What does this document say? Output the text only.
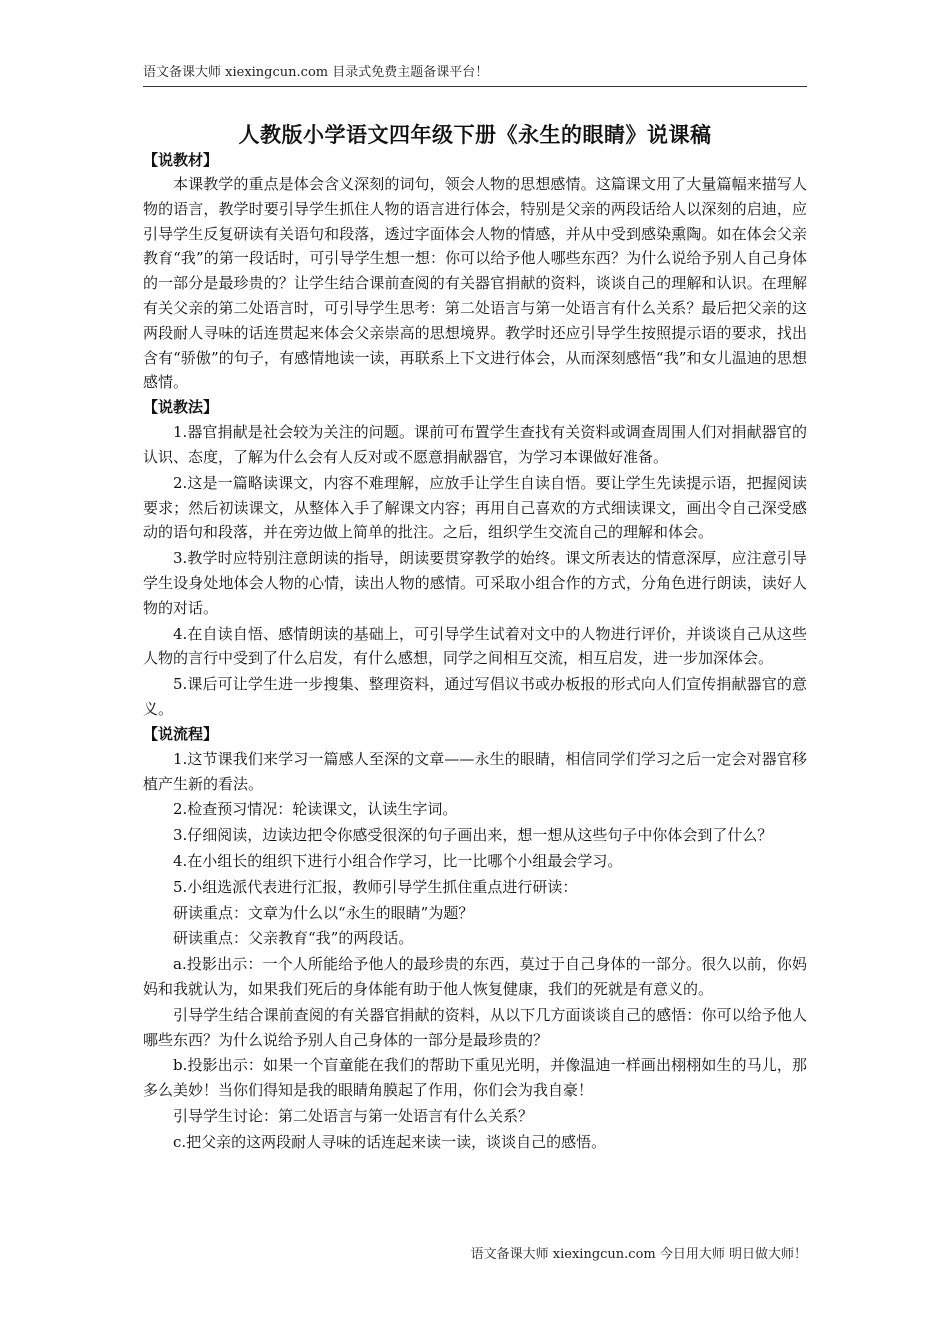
语文备课大师 xiexingcun.com 目录式免费主题备课平台！
人教版小学语文四年级下册《永生的眼睛》说课稿

【说教材】

本课教学的重点是体会含义深刻的词句，领会人物的思想感情。这篇课文用了大量篇幅来描写人物的语言，教学时要引导学生抓住人物的语言进行体会，特别是父亲的两段话给人以深刻的启迪，应引导学生反复研读有关语句和段落，透过字面体会人物的情感，并从中受到感染熏陶。如在体会父亲教育“我”的第一段话时，可引导学生想一想：你可以给予他人哪些东西？为什么说给予别人自己身体的一部分是最珍贵的？让学生结合课前查阅的有关器官捐献的资料，谈谈自己的理解和认识。在理解有关父亲的第二处语言时，可引导学生思考：第二处语言与第一处语言有什么关系？最后把父亲的这两段耐人寻味的话连贯起来体会父亲崇高的思想境界。教学时还应引导学生按照提示语的要求，找出含有“骄傲”的句子，有感情地读一读，再联系上下文进行体会，从而深刻感悟“我”和女儿温迪的思想感情。

【说教法】

1.器官捐献是社会较为关注的问题。课前可布置学生查找有关资料或调查周围人们对捐献器官的认识、态度，了解为什么会有人反对或不愿意捐献器官，为学习本课做好准备。

2.这是一篇略读课文，内容不难理解，应放手让学生自读自悟。要让学生先读提示语，把握阅读要求；然后初读课文，从整体入手了解课文内容；再用自己喜欢的方式细读课文，画出令自己深受感动的语句和段落，并在旁边做上简单的批注。之后，组织学生交流自己的理解和体会。

3.教学时应特别注意朗读的指导，朗读要贯穿教学的始终。课文所表达的情意深厚，应注意引导学生设身处地体会人物的心情，读出人物的感情。可采取小组合作的方式，分角色进行朗读，读好人物的对话。

4.在自读自悟、感情朗读的基础上，可引导学生试着对文中的人物进行评价，并谈谈自己从这些人物的言行中受到了什么启发，有什么感想，同学之间相互交流，相互启发，进一步加深体会。

5.课后可让学生进一步搜集、整理资料，通过写倡议书或办板报的形式向人们宣传捐献器官的意义。

【说流程】

1.这节课我们来学习一篇感人至深的文章——永生的眼睛，相信同学们学习之后一定会对器官移植产生新的看法。

2.检查预习情况：轮读课文，认读生字词。

3.仔细阅读，边读边把令你感受很深的句子画出来，想一想从这些句子中你体会到了什么？

4.在小组长的组织下进行小组合作学习，比一比哪个小组最会学习。

5.小组选派代表进行汇报，教师引导学生抓住重点进行研读：

研读重点：文章为什么以“永生的眼睛”为题？

研读重点：父亲教育“我”的两段话。

a.投影出示：一个人所能给予他人的最珍贵的东西，莫过于自己身体的一部分。很久以前，你妈妈和我就认为，如果我们死后的身体能有助于他人恢复健康，我们的死就是有意义的。

引导学生结合课前查阅的有关器官捐献的资料，从以下几方面谈谈自己的感悟：你可以给予他人哪些东西？为什么说给予别人自己身体的一部分是最珍贵的？

b.投影出示：如果一个盲童能在我们的帮助下重见光明，并像温迪一样画出栩栩如生的马儿，那多么美妙！当你们得知是我的眼睛角膜起了作用，你们会为我自豪！

引导学生讨论：第二处语言与第一处语言有什么关系？

c.把父亲的这两段耐人寻味的话连起来读一读，谈谈自己的感悟。

语文备课大师 xiexingcun.com 今日用大师 明日做大师！
